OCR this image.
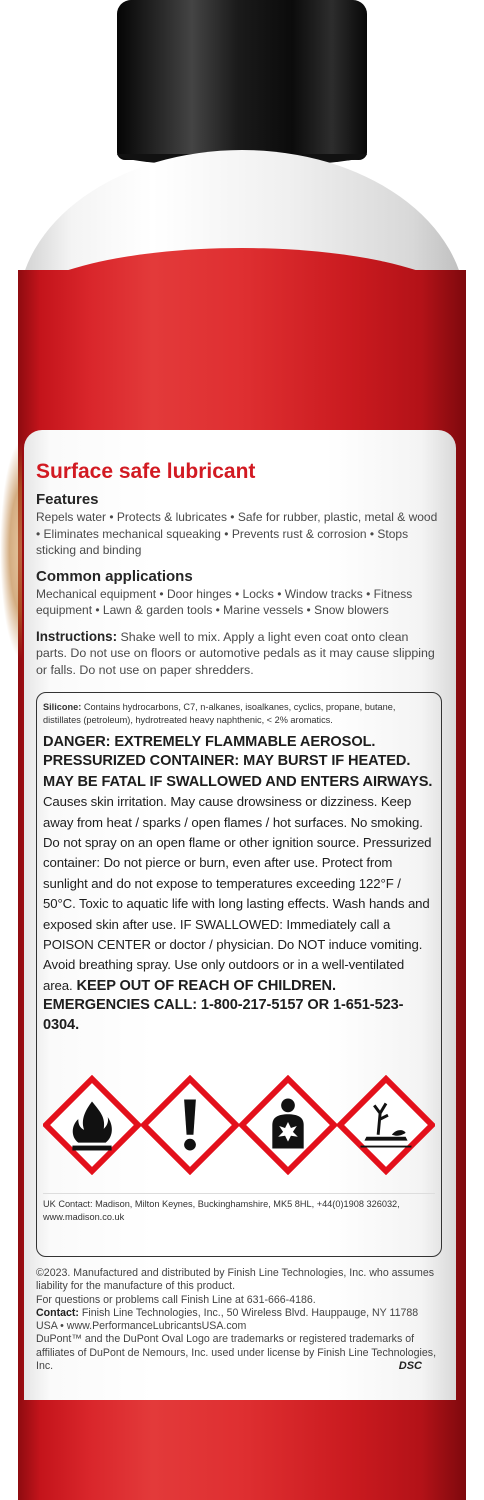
Surface safe lubricant
Features
Repels water • Protects & lubricates • Safe for rubber, plastic, metal & wood • Eliminates mechanical squeaking • Prevents rust & corrosion • Stops sticking and binding
Common applications
Mechanical equipment • Door hinges • Locks • Window tracks • Fitness equipment • Lawn & garden tools • Marine vessels • Snow blowers
Instructions: Shake well to mix. Apply a light even coat onto clean parts. Do not use on floors or automotive pedals as it may cause slipping or falls. Do not use on paper shredders.
Silicone: Contains hydrocarbons, C7, n-alkanes, isoalkanes, cyclics, propane, butane, distillates (petroleum), hydrotreated heavy naphthenic, < 2% aromatics.
DANGER: EXTREMELY FLAMMABLE AEROSOL. PRESSURIZED CONTAINER: MAY BURST IF HEATED. MAY BE FATAL IF SWALLOWED AND ENTERS AIRWAYS. Causes skin irritation. May cause drowsiness or dizziness. Keep away from heat / sparks / open flames / hot surfaces. No smoking. Do not spray on an open flame or other ignition source. Pressurized container: Do not pierce or burn, even after use. Protect from sunlight and do not expose to temperatures exceeding 122°F / 50°C. Toxic to aquatic life with long lasting effects. Wash hands and exposed skin after use. IF SWALLOWED: Immediately call a POISON CENTER or doctor / physician. Do NOT induce vomiting. Avoid breathing spray. Use only outdoors or in a well-ventilated area. KEEP OUT OF REACH OF CHILDREN. EMERGENCIES CALL: 1-800-217-5157 OR 1-651-523-0304.
UK Contact: Madison, Milton Keynes, Buckinghamshire, MK5 8HL, +44(0)1908 326032, www.madison.co.uk
©2023. Manufactured and distributed by Finish Line Technologies, Inc. who assumes liability for the manufacture of this product.
For questions or problems call Finish Line at 631-666-4186.
Contact: Finish Line Technologies, Inc., 50 Wireless Blvd. Hauppauge, NY 11788 USA • www.PerformanceLubricantsUSA.com
DuPont™ and the DuPont Oval Logo are trademarks or registered trademarks of affiliates of DuPont de Nemours, Inc. used under license by Finish Line Technologies, Inc.	DSC
